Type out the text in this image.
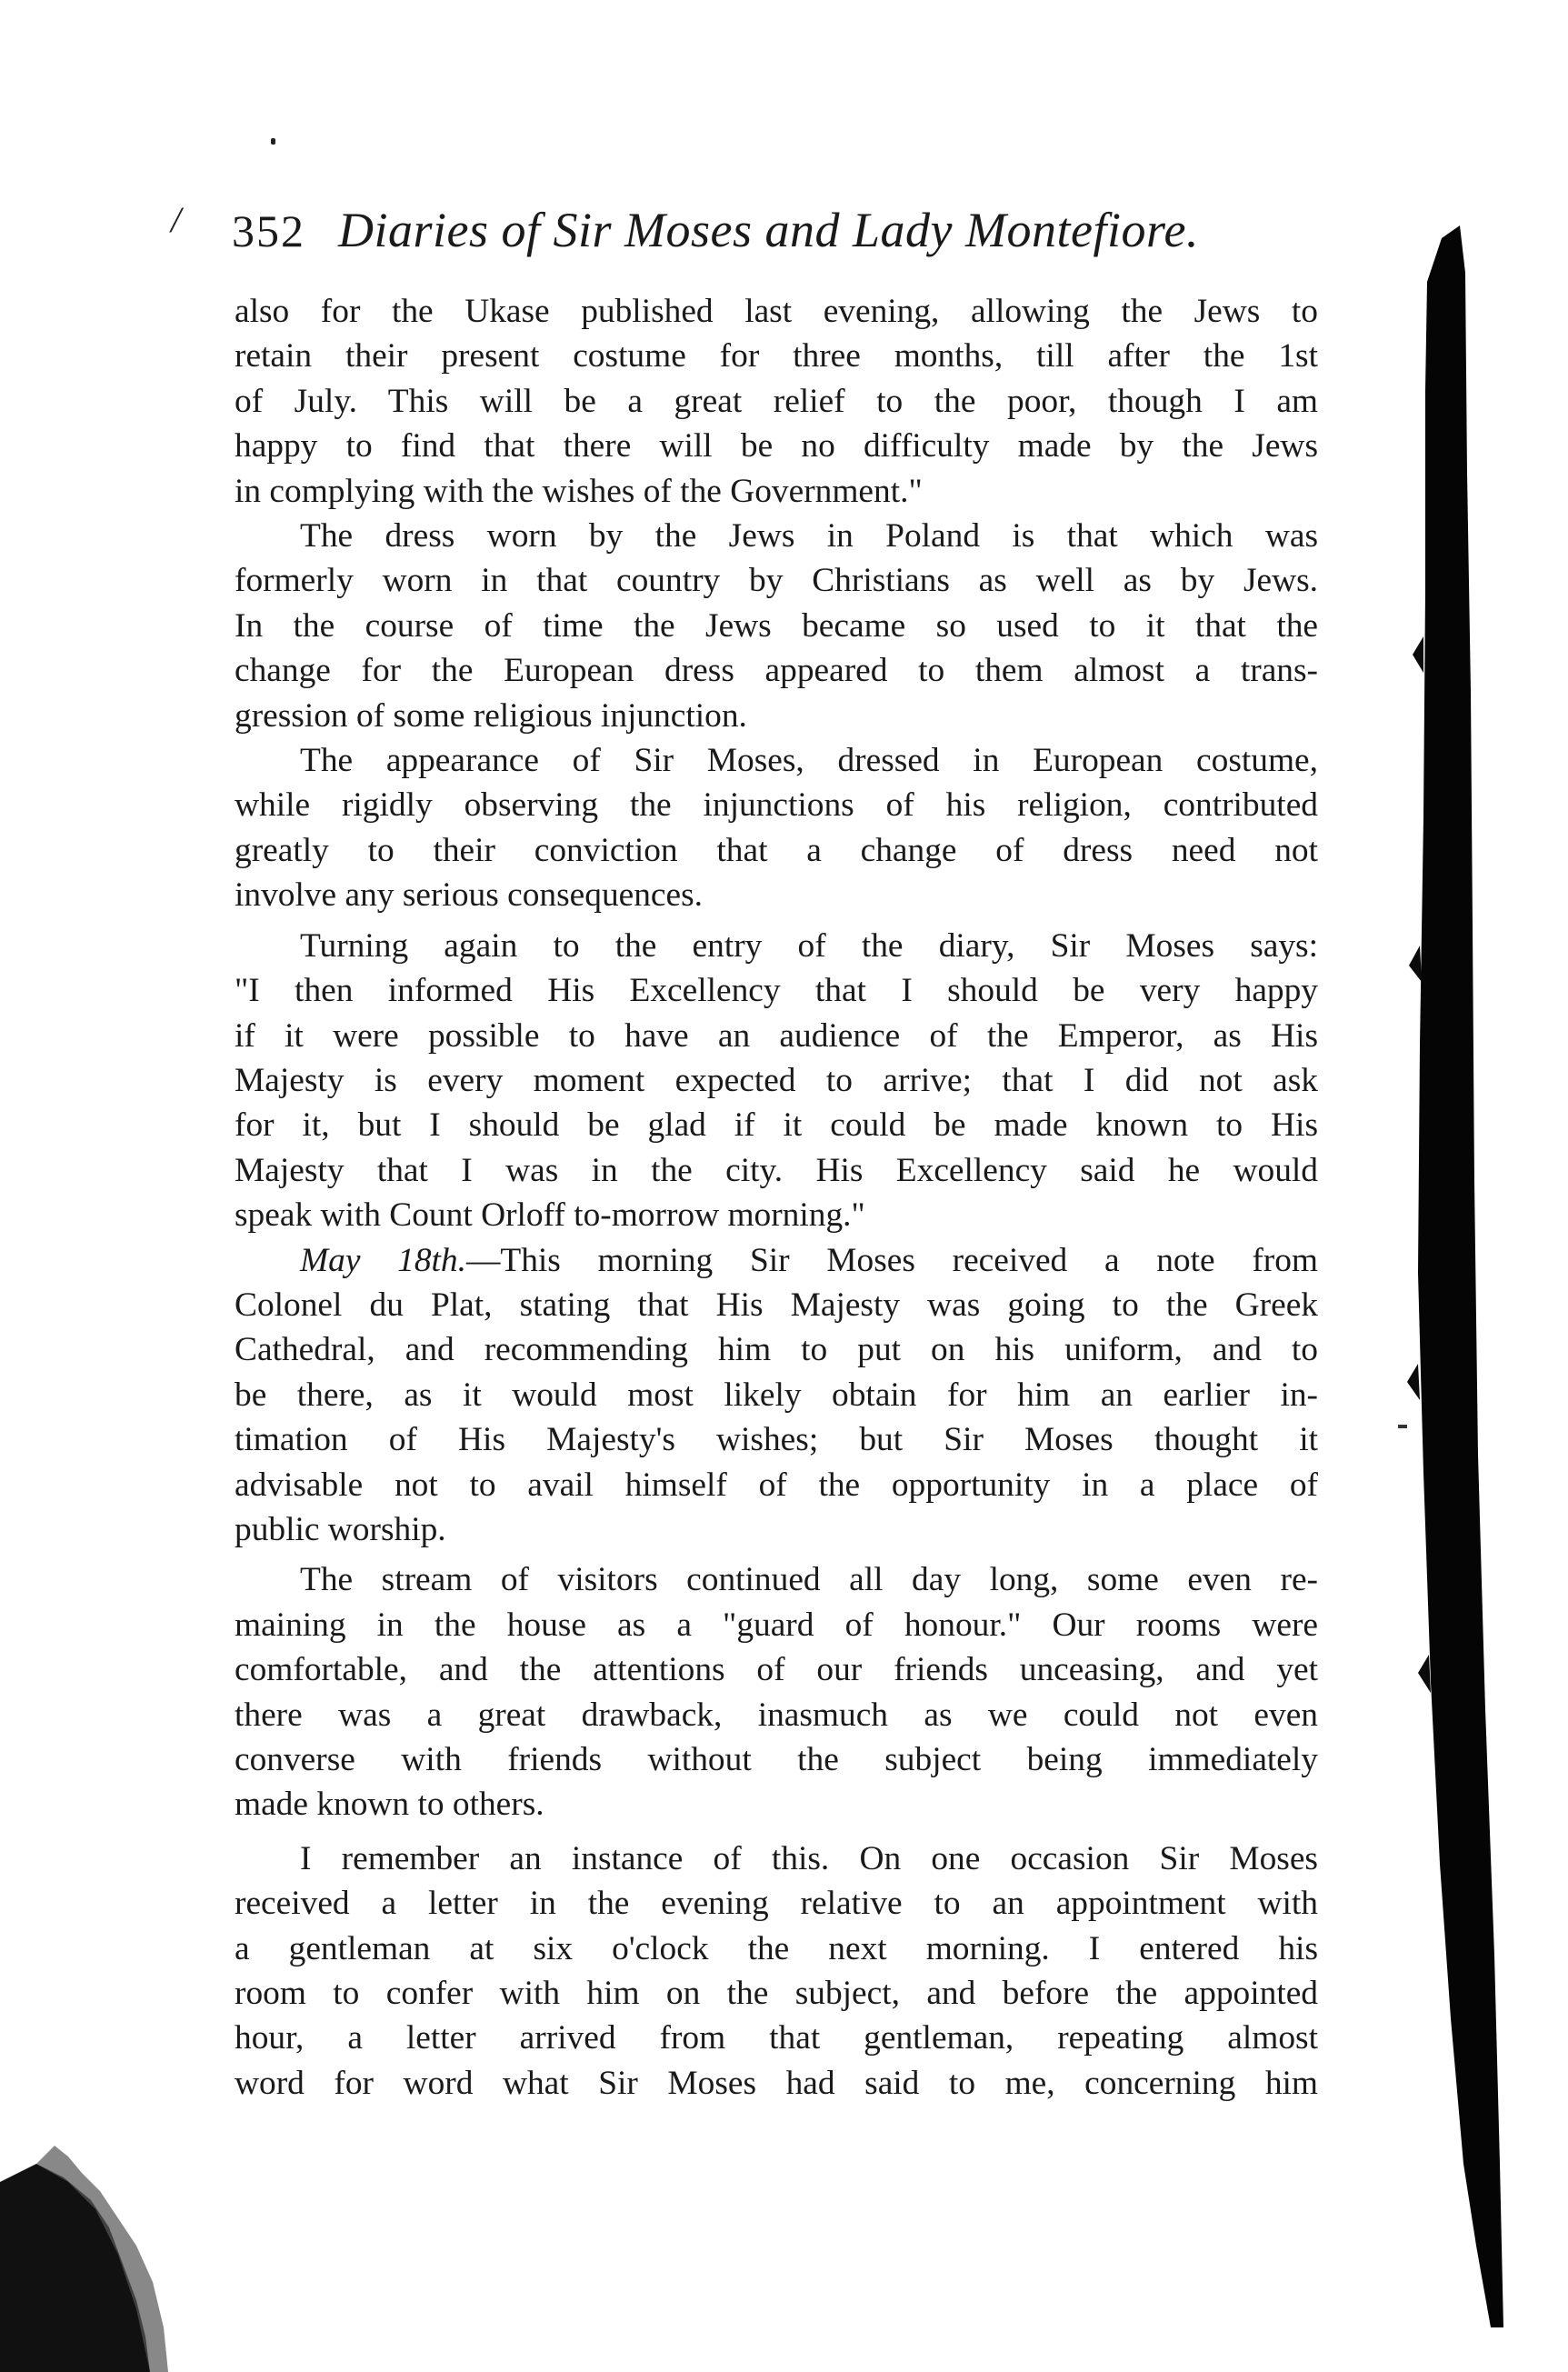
/ 352 Diaries of Sir Moses and Lady Montefiore.

also for the Ukase published last evening, allowing the Jews to

retain their present costume for three months, till after the 1st

of July. This will be a great relief to the poor, though I am

happy to find that there will be no difficulty made by the Jews

in complying with the wishes of the Government."

The dress worn by the Jews in Poland is that which was

formerly worn in that country by Christians as well as by Jews.

In the course of time the Jews became so used to it that the

change for the European dress appeared to them almost a trans-

gression of some religious injunction.

The appearance of Sir Moses, dressed in European costume,

while rigidly observing the injunctions of his religion, contributed

greatly to their conviction that a change of dress need not

involve any serious consequences.

Turning again to the entry of the diary, Sir Moses says:

"I then informed His Excellency that I should be very happy

if it were possible to have an audience of the Emperor, as His

Majesty is every moment expected to arrive; that I did not ask

for it, but I should be glad if it could be made known to His

Majesty that I was in the city. His Excellency said he would

speak with Count Orloff to-morrow morning."

May 18th.—This morning Sir Moses received a note from

Colonel du Plat, stating that His Majesty was going to the Greek

Cathedral, and recommending him to put on his uniform, and to

be there, as it would most likely obtain for him an earlier in-

timation of His Majesty's wishes; but Sir Moses thought it

advisable not to avail himself of the opportunity in a place of

public worship.

The stream of visitors continued all day long, some even re-

maining in the house as a "guard of honour." Our rooms were

comfortable, and the attentions of our friends unceasing, and yet

there was a great drawback, inasmuch as we could not even

converse with friends without the subject being immediately

made known to others.

I remember an instance of this. On one occasion Sir Moses

received a letter in the evening relative to an appointment with

a gentleman at six o'clock the next morning. I entered his

room to confer with him on the subject, and before the appointed

hour, a letter arrived from that gentleman, repeating almost

word for word what Sir Moses had said to me, concerning him
